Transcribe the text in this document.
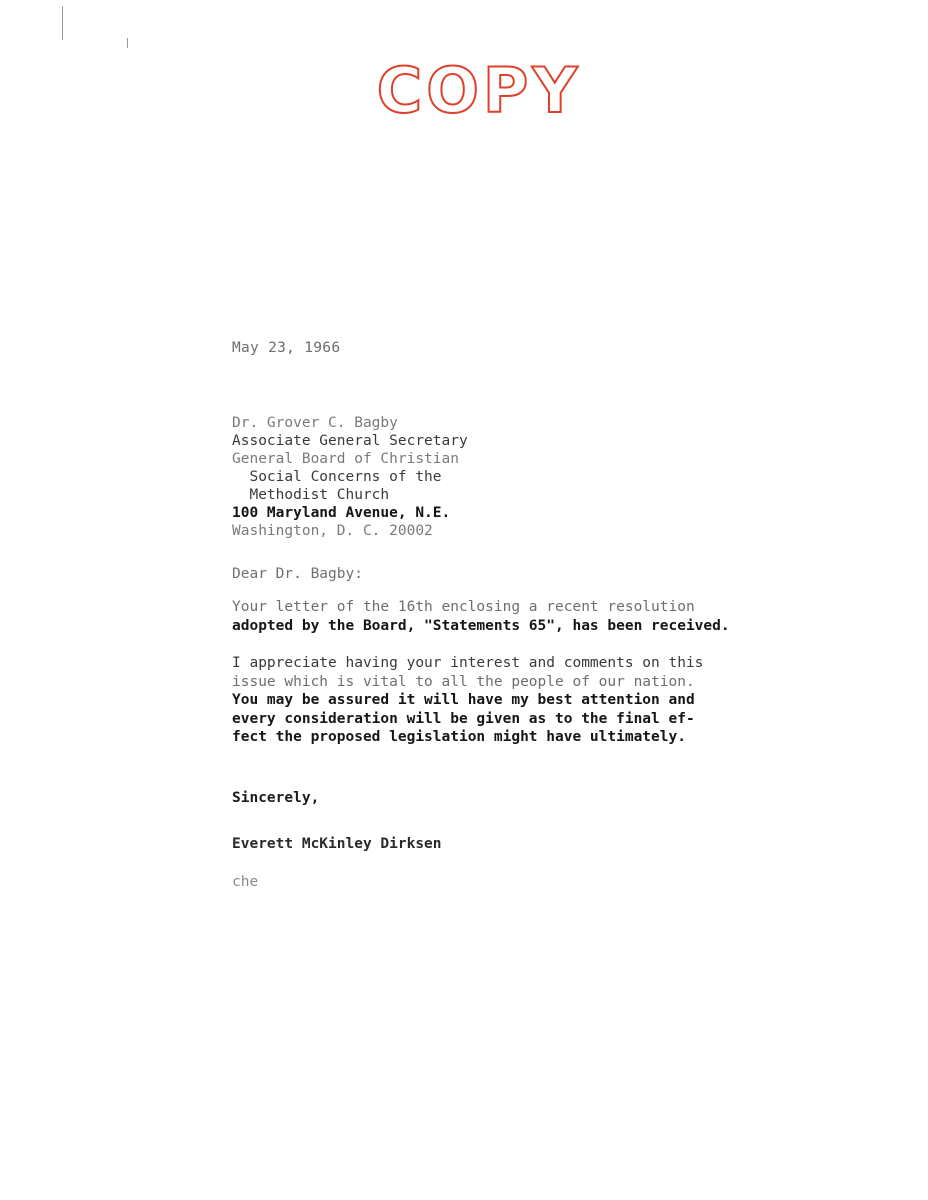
COPY
May 23, 1966
Dr. Grover C. Bagby
Associate General Secretary
General Board of Christian
Social Concerns of the
Methodist Church
100 Maryland Avenue, N.E.
Washington, D. C. 20002
Dear Dr. Bagby:
Your letter of the 16th enclosing a recent resolution
adopted by the Board, "Statements 65", has been received.
I appreciate having your interest and comments on this
issue which is vital to all the people of our nation.
You may be assured it will have my best attention and
every consideration will be given as to the final ef-
fect the proposed legislation might have ultimately.
Sincerely,
Everett McKinley Dirksen
che
